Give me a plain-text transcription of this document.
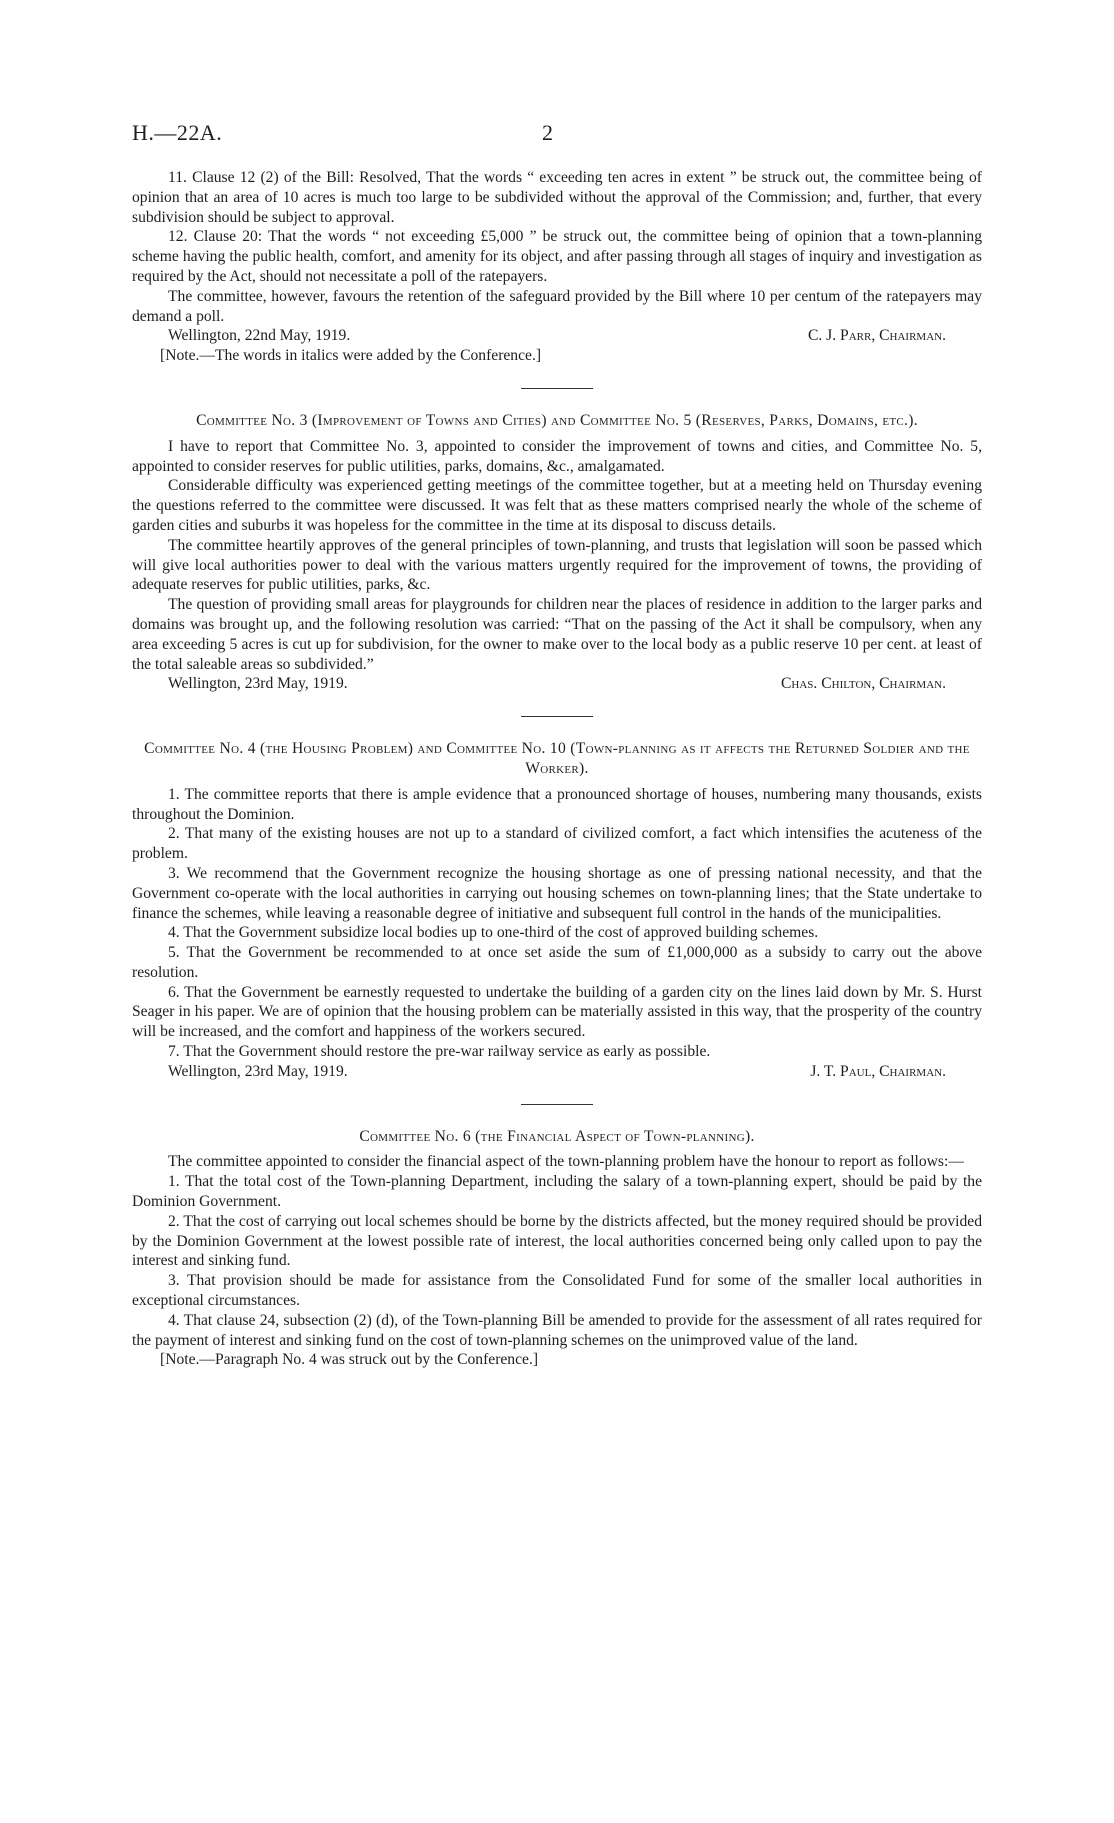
H.—22A.	2

11. Clause 12 (2) of the Bill: Resolved, That the words “ exceeding ten acres in extent ” be struck out, the committee being of opinion that an area of 10 acres is much too large to be subdivided without the approval of the Commission; and, further, that every subdivision should be subject to approval.

12. Clause 20: That the words “ not exceeding £5,000 ” be struck out, the committee being of opinion that a town-planning scheme having the public health, comfort, and amenity for its object, and after passing through all stages of inquiry and investigation as required by the Act, should not necessitate a poll of the ratepayers.

The committee, however, favours the retention of the safeguard provided by the Bill where 10 per centum of the ratepayers may demand a poll.

Wellington, 22nd May, 1919.	C. J. Parr, Chairman.
[Note.—The words in italics were added by the Conference.]
Committee No. 3 (Improvement of Towns and Cities) and Committee No. 5 (Reserves, Parks, Domains, etc.).

I have to report that Committee No. 3, appointed to consider the improvement of towns and cities, and Committee No. 5, appointed to consider reserves for public utilities, parks, domains, &c., amalgamated.

Considerable difficulty was experienced getting meetings of the committee together, but at a meeting held on Thursday evening the questions referred to the committee were discussed. It was felt that as these matters comprised nearly the whole of the scheme of garden cities and suburbs it was hopeless for the committee in the time at its disposal to discuss details.

The committee heartily approves of the general principles of town-planning, and trusts that legislation will soon be passed which will give local authorities power to deal with the various matters urgently required for the improvement of towns, the providing of adequate reserves for public utilities, parks, &c.

The question of providing small areas for playgrounds for children near the places of residence in addition to the larger parks and domains was brought up, and the following resolution was carried: “That on the passing of the Act it shall be compulsory, when any area exceeding 5 acres is cut up for subdivision, for the owner to make over to the local body as a public reserve 10 per cent. at least of the total saleable areas so subdivided.”

Wellington, 23rd May, 1919.	Chas. Chilton, Chairman.
Committee No. 4 (the Housing Problem) and Committee No. 10 (Town-planning as it affects the Returned Soldier and the Worker).

1. The committee reports that there is ample evidence that a pronounced shortage of houses, numbering many thousands, exists throughout the Dominion.

2. That many of the existing houses are not up to a standard of civilized comfort, a fact which intensifies the acuteness of the problem.

3. We recommend that the Government recognize the housing shortage as one of pressing national necessity, and that the Government co-operate with the local authorities in carrying out housing schemes on town-planning lines; that the State undertake to finance the schemes, while leaving a reasonable degree of initiative and subsequent full control in the hands of the municipalities.

4. That the Government subsidize local bodies up to one-third of the cost of approved building schemes.

5. That the Government be recommended to at once set aside the sum of £1,000,000 as a subsidy to carry out the above resolution.

6. That the Government be earnestly requested to undertake the building of a garden city on the lines laid down by Mr. S. Hurst Seager in his paper. We are of opinion that the housing problem can be materially assisted in this way, that the prosperity of the country will be increased, and the comfort and happiness of the workers secured.

7. That the Government should restore the pre-war railway service as early as possible.

Wellington, 23rd May, 1919.	J. T. Paul, Chairman.
Committee No. 6 (the Financial Aspect of Town-planning).

The committee appointed to consider the financial aspect of the town-planning problem have the honour to report as follows:—

1. That the total cost of the Town-planning Department, including the salary of a town-planning expert, should be paid by the Dominion Government.

2. That the cost of carrying out local schemes should be borne by the districts affected, but the money required should be provided by the Dominion Government at the lowest possible rate of interest, the local authorities concerned being only called upon to pay the interest and sinking fund.

3. That provision should be made for assistance from the Consolidated Fund for some of the smaller local authorities in exceptional circumstances.

4. That clause 24, subsection (2) (d), of the Town-planning Bill be amended to provide for the assessment of all rates required for the payment of interest and sinking fund on the cost of town-planning schemes on the unimproved value of the land.

[Note.—Paragraph No. 4 was struck out by the Conference.]
